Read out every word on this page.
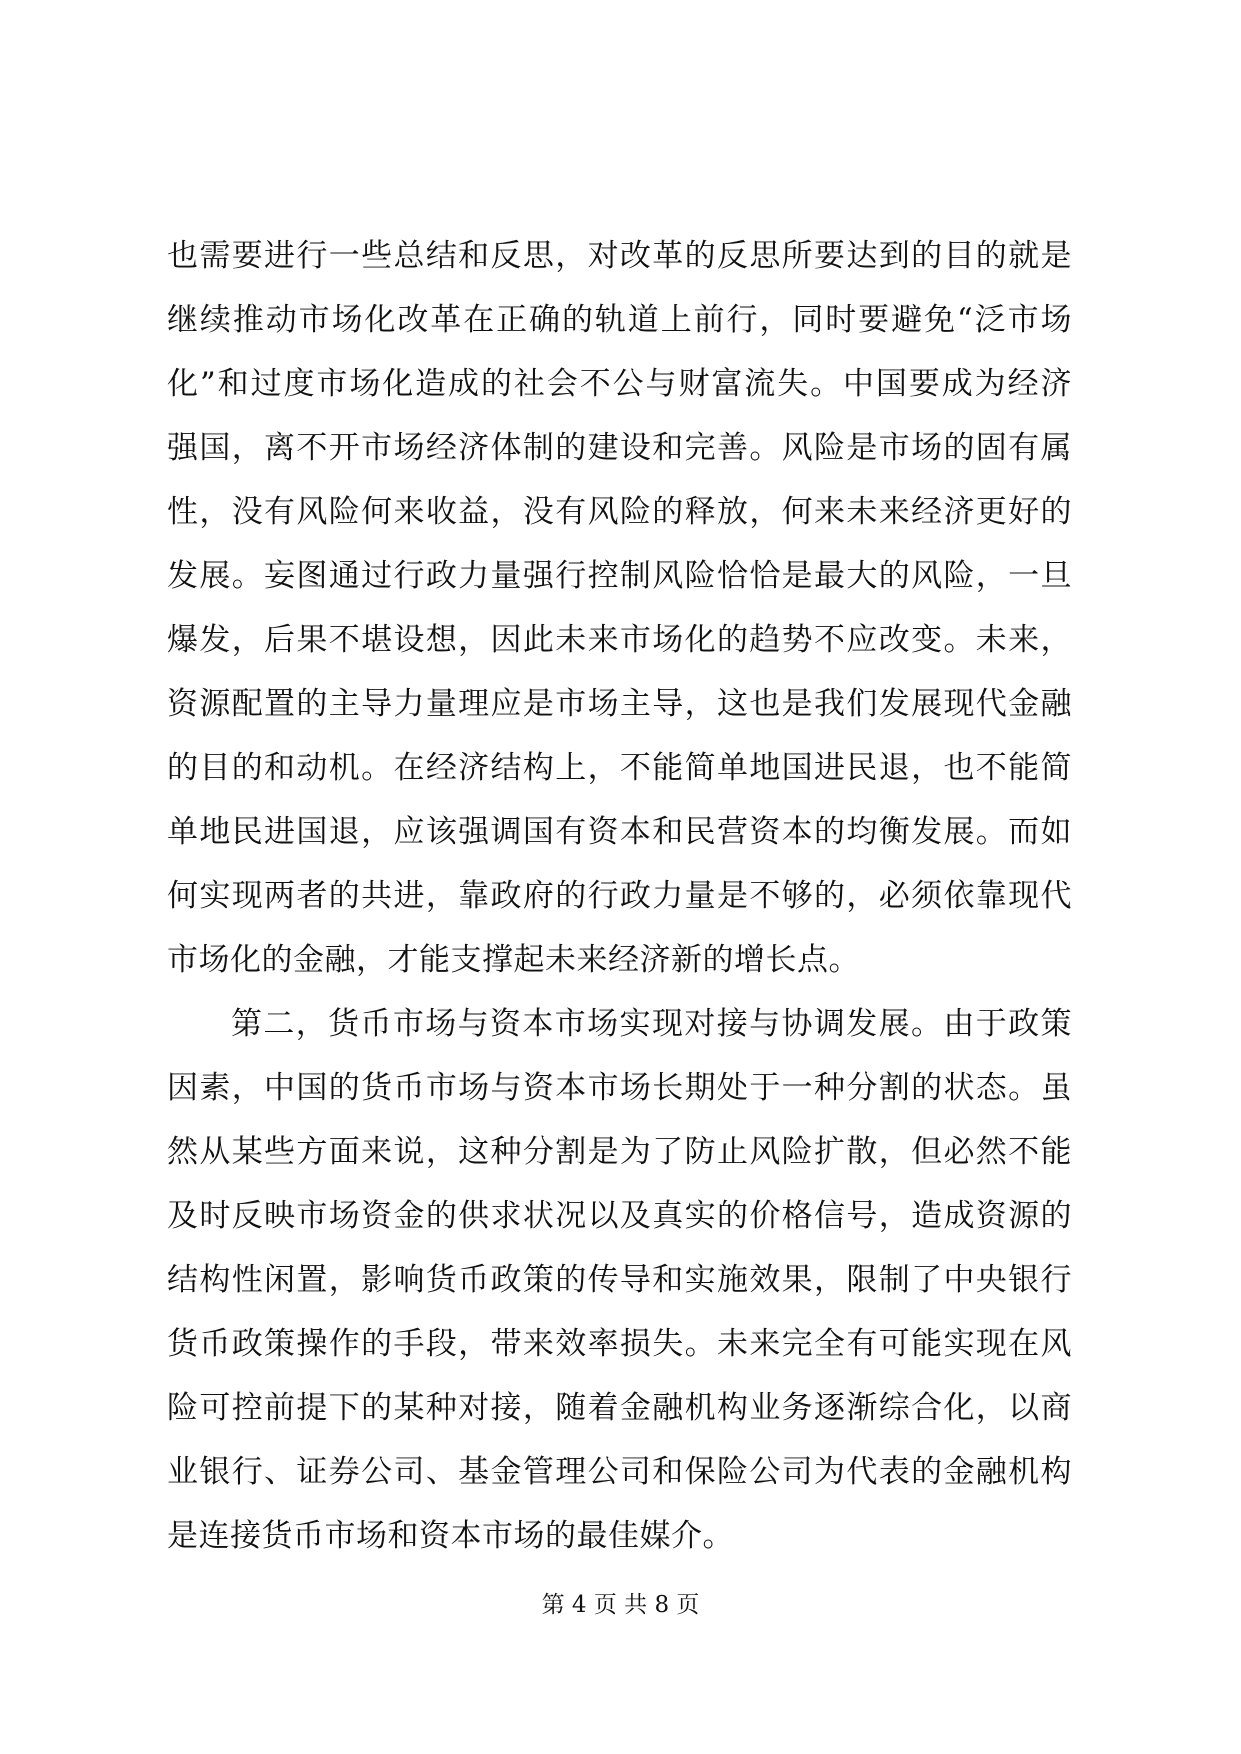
也需要进行一些总结和反思，对改革的反思所要达到的目的就是
继续推动市场化改革在正确的轨道上前行，同时要避免“泛市场
化”和过度市场化造成的社会不公与财富流失。中国要成为经济
强国，离不开市场经济体制的建设和完善。风险是市场的固有属
性，没有风险何来收益，没有风险的释放，何来未来经济更好的
发展。妄图通过行政力量强行控制风险恰恰是最大的风险，一旦
爆发，后果不堪设想，因此未来市场化的趋势不应改变。未来，
资源配置的主导力量理应是市场主导，这也是我们发展现代金融
的目的和动机。在经济结构上，不能简单地国进民退，也不能简
单地民进国退，应该强调国有资本和民营资本的均衡发展。而如
何实现两者的共进，靠政府的行政力量是不够的，必须依靠现代
市场化的金融，才能支撑起未来经济新的增长点。
第二，货币市场与资本市场实现对接与协调发展。由于政策
因素，中国的货币市场与资本市场长期处于一种分割的状态。虽
然从某些方面来说，这种分割是为了防止风险扩散，但必然不能
及时反映市场资金的供求状况以及真实的价格信号，造成资源的
结构性闲置，影响货币政策的传导和实施效果，限制了中央银行
货币政策操作的手段，带来效率损失。未来完全有可能实现在风
险可控前提下的某种对接，随着金融机构业务逐渐综合化，以商
业银行、证券公司、基金管理公司和保险公司为代表的金融机构
是连接货币市场和资本市场的最佳媒介。
第 4 页 共 8 页
